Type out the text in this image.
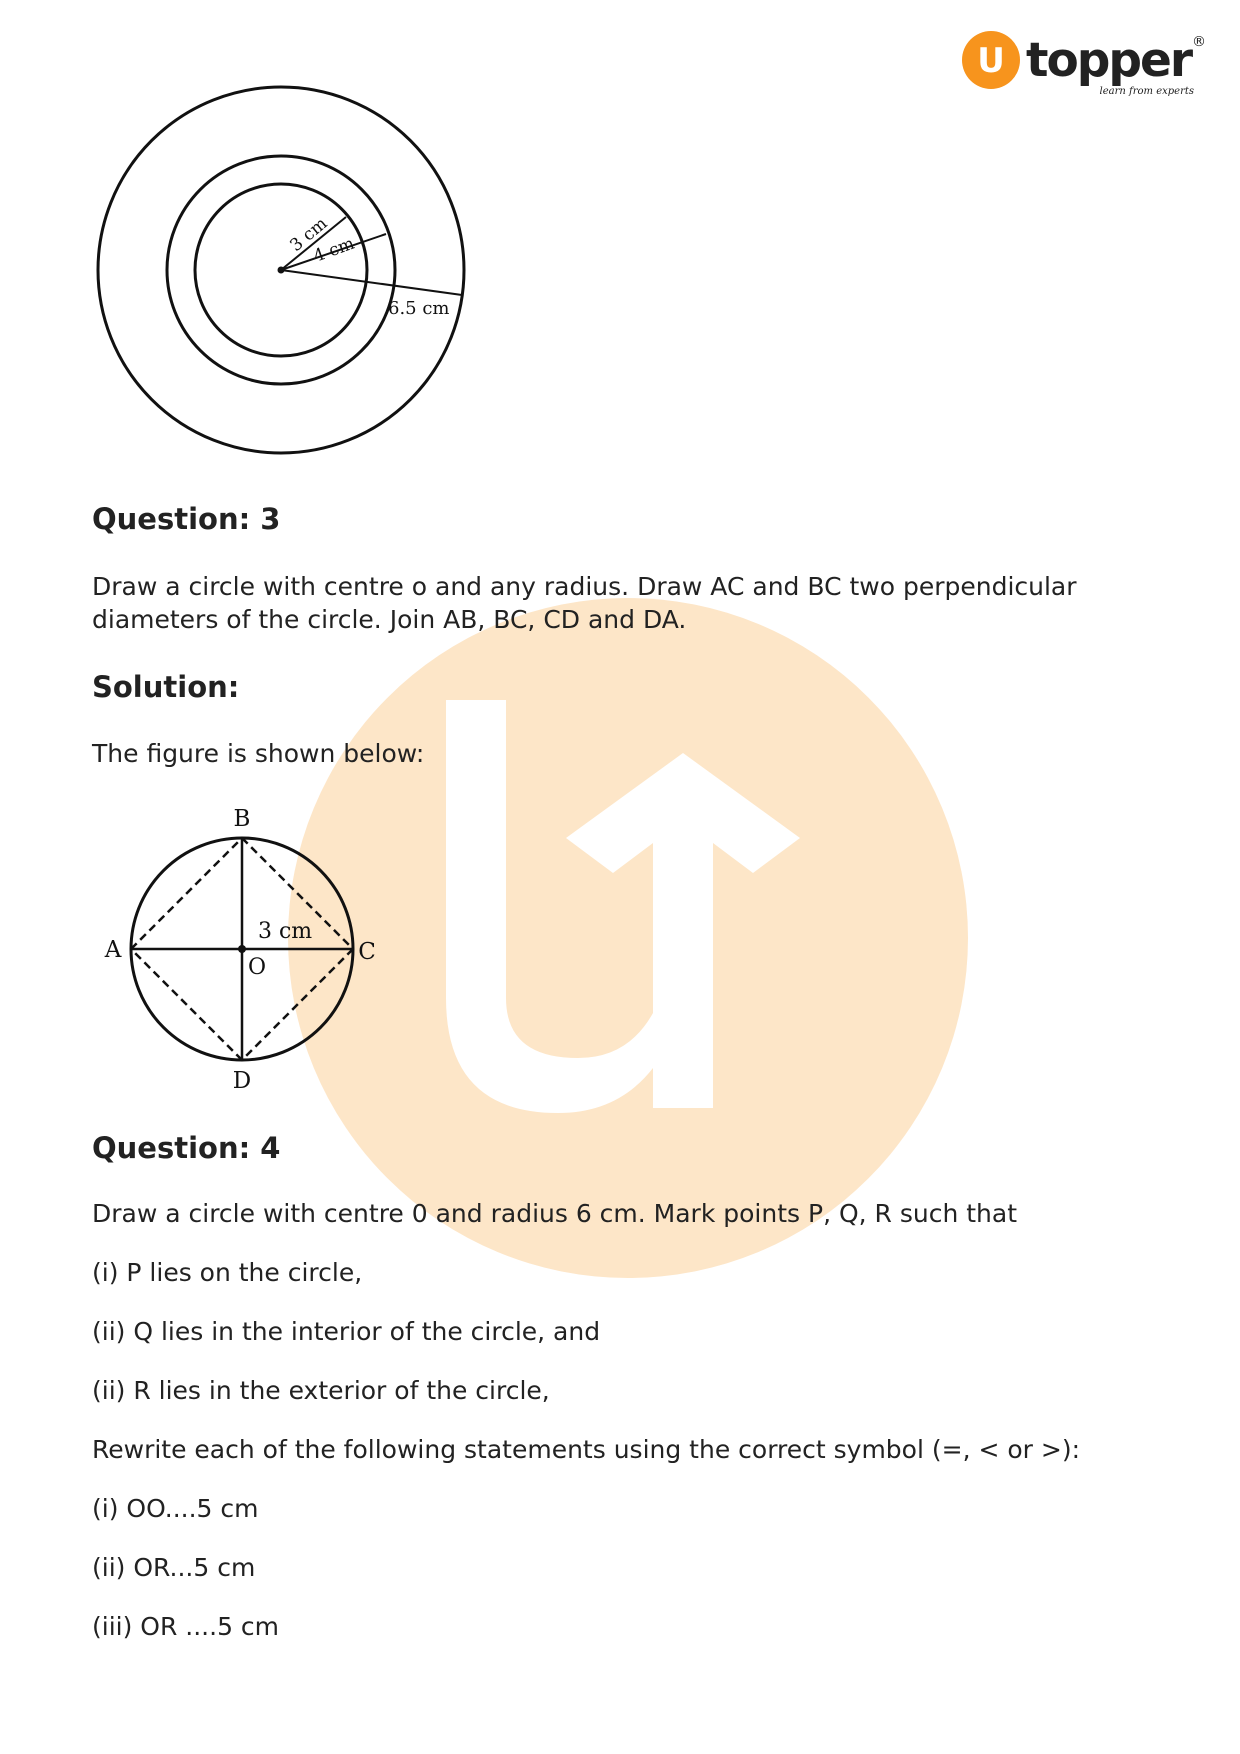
U topper ®
learn from experts
3 cm
4 cm
6.5 cm

Question: 3

Draw a circle with centre o and any radius. Draw AC and BC two perpendicular

diameters of the circle. Join AB, BC, CD and DA.

Solution:

The figure is shown below:

B
A	C
D
O
3 cm

Question: 4

Draw a circle with centre 0 and radius 6 cm. Mark points P, Q, R such that

(i) P lies on the circle,

(ii) Q lies in the interior of the circle, and

(ii) R lies in the exterior of the circle,

Rewrite each of the following statements using the correct symbol (=, < or >):

(i) OO....5 cm

(ii) OR...5 cm

(iii) OR ....5 cm
